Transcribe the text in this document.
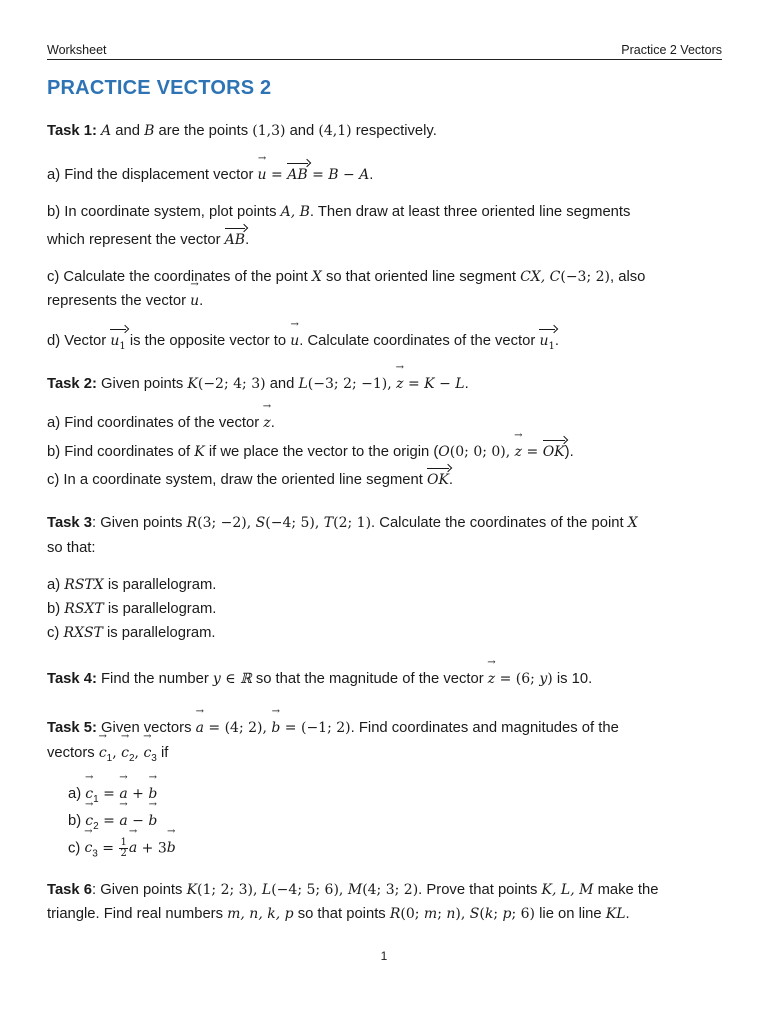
Worksheet	Practice 2 Vectors
PRACTICE VECTORS 2
Task 1: A and B are the points (1,3) and (4,1) respectively.
a) Find the displacement vector → u = AB = B − A.
b) In coordinate system, plot points A, B. Then draw at least three oriented line segments
which represent the vector AB.
c) Calculate the coordinates of the point X so that oriented line segment CX, C(−3; 2), also
represents the vector → u.
d) Vector $u_1$ is the opposite vector to → u. Calculate coordinates of the vector $u_1$.
Task 2: Given points K(−2; 4; 3) and L(−3; 2; −1), → z = K − L.
a) Find coordinates of the vector → z.
b) Find coordinates of K if we place the vector to the origin (O(0; 0; 0), → z = OK).
c) In a coordinate system, draw the oriented line segment OK.
Task 3: Given points R(3; −2), S(−4; 5), T(2; 1). Calculate the coordinates of the point X
so that:
a) RSTX is parallelogram.
b) RSXT is parallelogram.
c) RXST is parallelogram.
Task 4: Find the number y ∈ ℝ so that the magnitude of the vector → z = (6; y) is 10.
Task 5: Given vectors → a = (4; 2), → b = (−1; 2). Find coordinates and magnitudes of the
vectors → $c_1$, → $c_2$, → $c_3$ if
$a) \to c_1$ = → a + → b
$b) \to c_2$ = → a − → b
$c) \to c_3 = \frac{1}{2}$
→ a + 3→ b
Task 6: Given points K(1; 2; 3), L(−4; 5; 6), M(4; 3; 2). Prove that points K, L, M make the
triangle. Find real numbers m, n, k, p so that points R(0; m; n), S(k; p; 6) lie on line KL.
1
